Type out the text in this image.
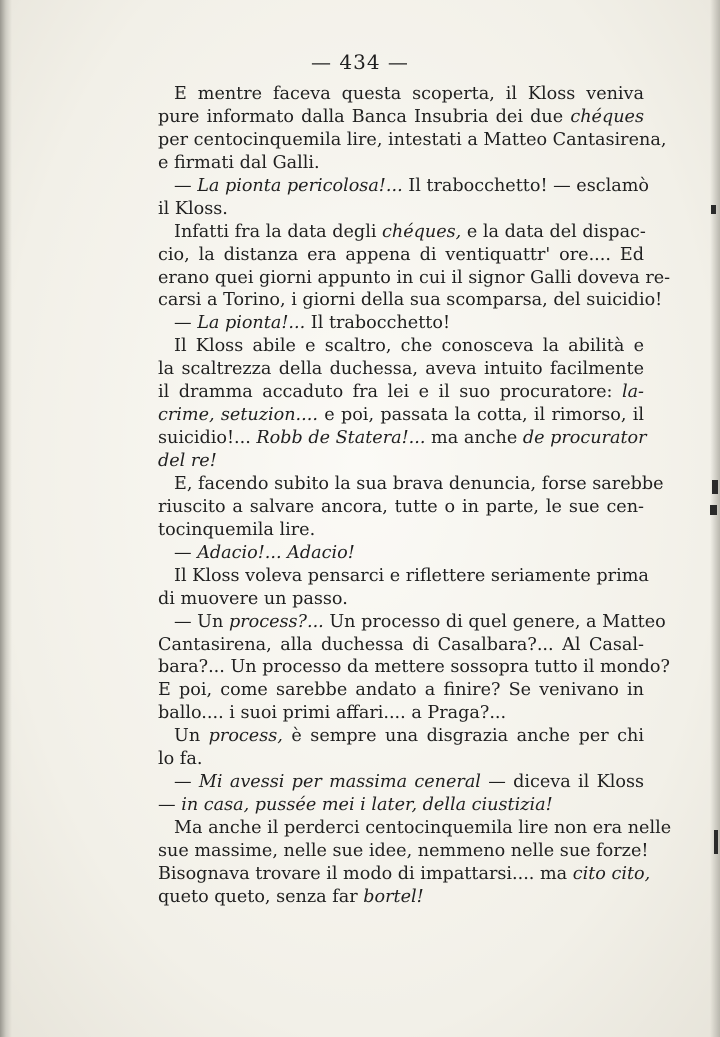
— 434 —
E mentre faceva questa scoperta, il Kloss veniva
pure informato dalla Banca Insubria dei due chéques
per centocinquemila lire, intestati a Matteo Cantasirena,
e firmati dal Galli.
— La pionta pericolosa!... Il trabocchetto! — esclamò
il Kloss.
Infatti fra la data degli chéques, e la data del dispac-
cio, la distanza era appena di ventiquattr' ore.... Ed
erano quei giorni appunto in cui il signor Galli doveva re-
carsi a Torino, i giorni della sua scomparsa, del suicidio!
— La pionta!... Il trabocchetto!
Il Kloss abile e scaltro, che conosceva la abilità e
la scaltrezza della duchessa, aveva intuito facilmente
il dramma accaduto fra lei e il suo procuratore: la-
crime, setuzion.... e poi, passata la cotta, il rimorso, il
suicidio!... Robb de Statera!... ma anche de procurator
del re!
E, facendo subito la sua brava denuncia, forse sarebbe
riuscito a salvare ancora, tutte o in parte, le sue cen-
tocinquemila lire.
— Adacio!... Adacio!
Il Kloss voleva pensarci e riflettere seriamente prima
di muovere un passo.
— Un process?... Un processo di quel genere, a Matteo
Cantasirena, alla duchessa di Casalbara?... Al Casal-
bara?... Un processo da mettere sossopra tutto il mondo?
E poi, come sarebbe andato a finire? Se venivano in
ballo.... i suoi primi affari.... a Praga?...
Un process, è sempre una disgrazia anche per chi
lo fa.
— Mi avessi per massima ceneral — diceva il Kloss
— in casa, pussée mei i later, della ciustizia!
Ma anche il perderci centocinquemila lire non era nelle
sue massime, nelle sue idee, nemmeno nelle sue forze!
Bisognava trovare il modo di impattarsi.... ma cito cito,
queto queto, senza far bortel!
